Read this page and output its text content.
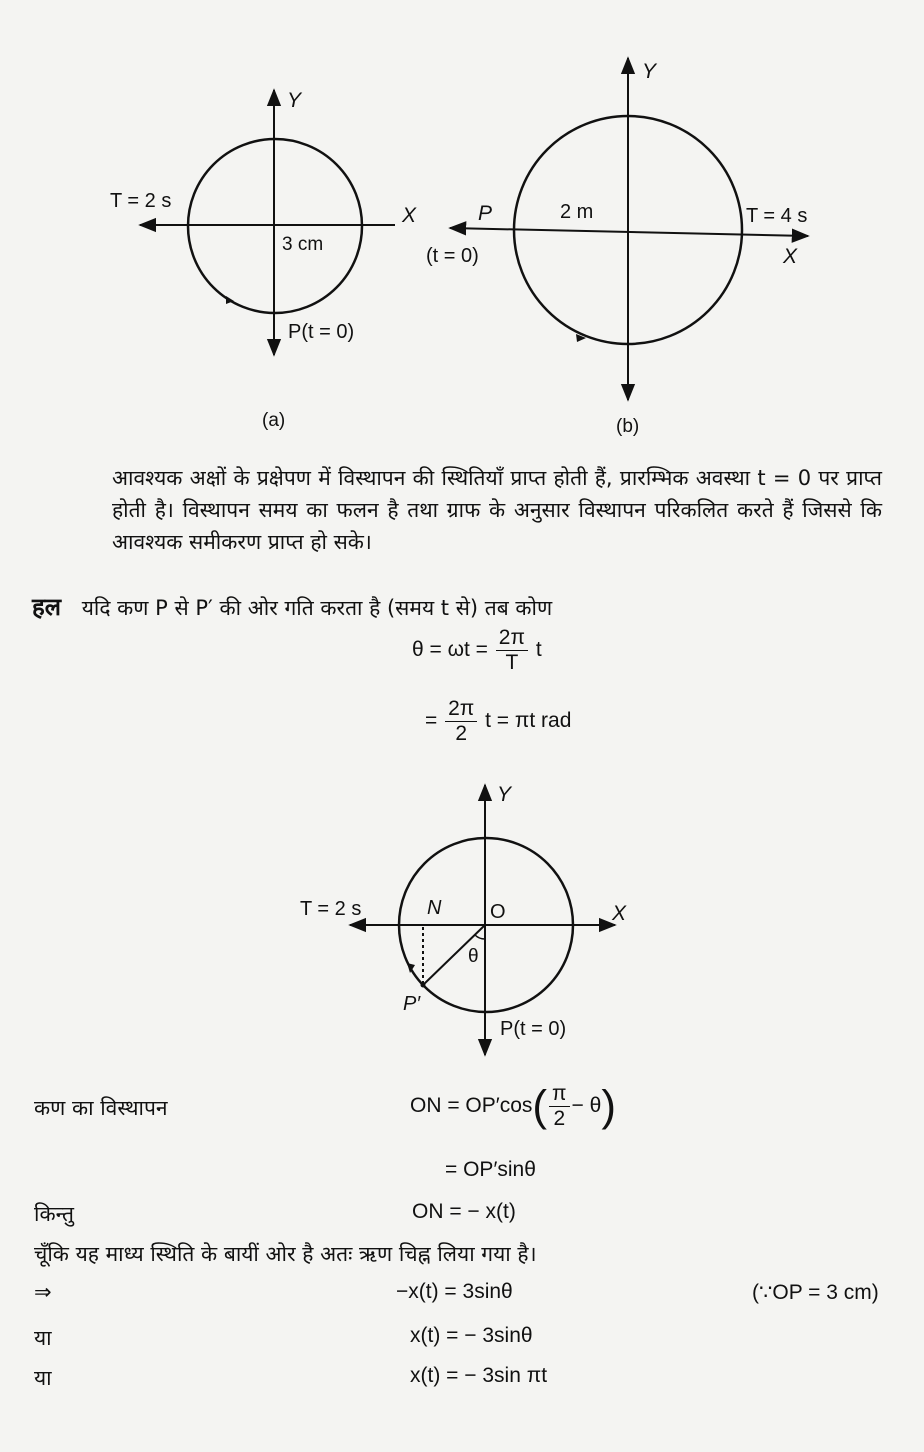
Y
X
T = 2 s
3 cm
P(t = 0)
(a)
Y
X
T = 4 s
2 m
P
(t = 0)
(b)
Y
X
T = 2 s	N O
θ
P′
P(t = 0)
आवश्यक अक्षों के प्रक्षेपण में विस्थापन की स्थितियाँ प्राप्त होती हैं, प्रारम्भिक अवस्था t = 0 पर प्राप्त होती है। विस्थापन समय का फलन है तथा ग्राफ के अनुसार विस्थापन परिकलित करते हैं जिससे कि आवश्यक समीकरण प्राप्त हो सके।
हल यदि कण P से P′ की ओर गति करता है (समय t से) तब कोण
$\theta = \omega t = \frac{2\pi}{T}$ t
= $\frac{2\pi}{2}$ t = πt rad
कण का विस्थापन	ON = $OP'\cos( \frac{\pi}{2} - \theta)$
= OP′sinθ
किन्तु	ON = − x(t)
चूँकि यह माध्य स्थिति के बायीं ओर है अतः ऋण चिह्न लिया गया है।
⇒	−x(t) = 3sinθ	(∵OP = 3 cm)
या	x(t) = − 3sinθ
या	x(t) = − 3sin πt
